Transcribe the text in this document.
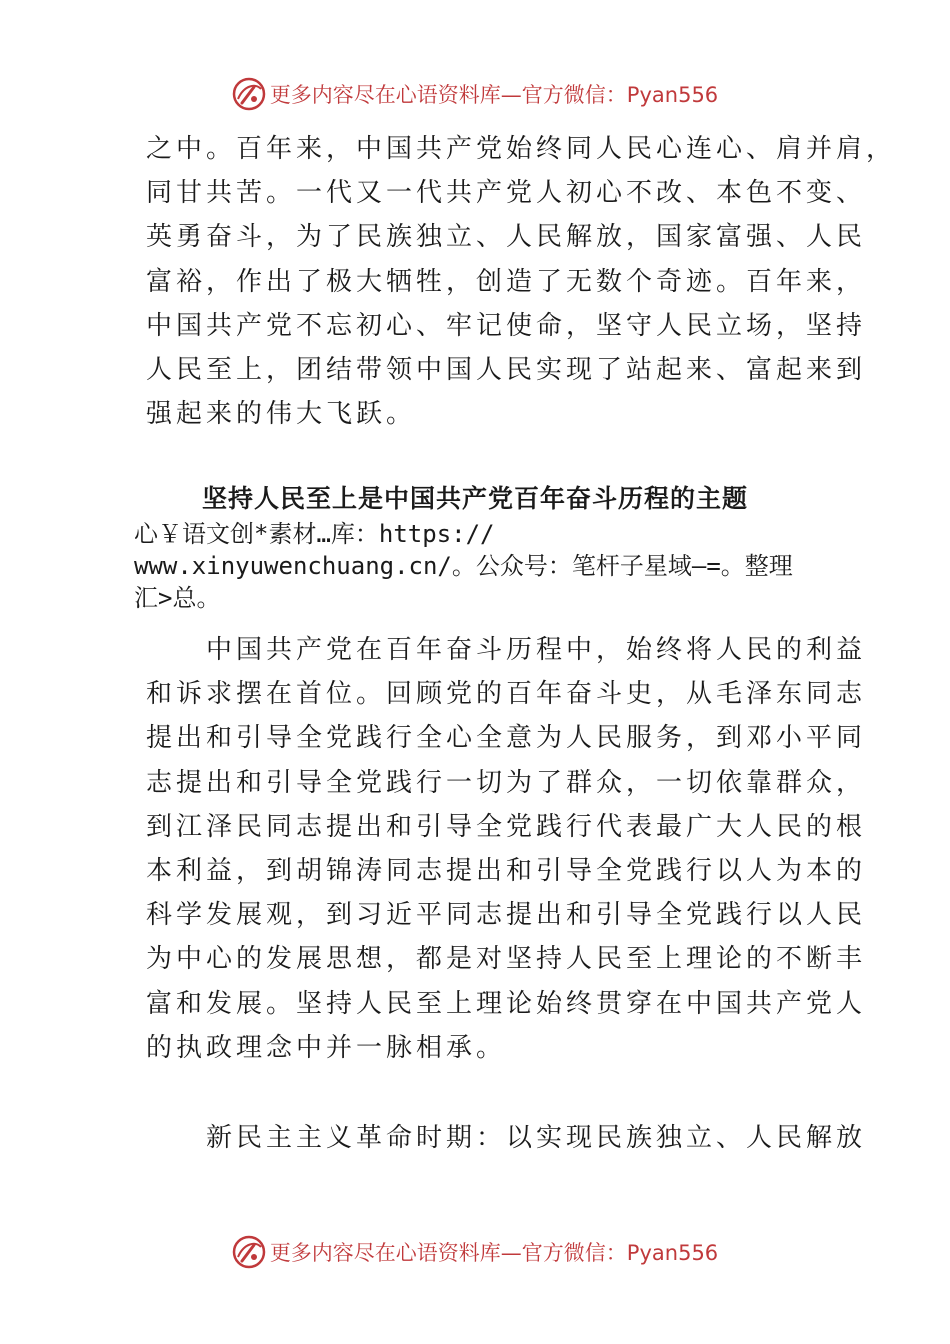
更多内容尽在心语资料库—官方微信：Pyan556
之中。百年来，中国共产党始终同人民心连心、肩并肩，
同甘共苦。一代又一代共产党人初心不改、本色不变、
英勇奋斗，为了民族独立、人民解放，国家富强、人民
富裕，作出了极大牺牲，创造了无数个奇迹。百年来，
中国共产党不忘初心、牢记使命，坚守人民立场，坚持
人民至上，团结带领中国人民实现了站起来、富起来到
强起来的伟大飞跃。
坚持人民至上是中国共产党百年奋斗历程的主题
心￥语文创*素材…库：https://
www.xinyuwenchuang.cn/。公众号：笔杆子星域—=。整理
汇>总。
　　中国共产党在百年奋斗历程中，始终将人民的利益
和诉求摆在首位。回顾党的百年奋斗史，从毛泽东同志
提出和引导全党践行全心全意为人民服务，到邓小平同
志提出和引导全党践行一切为了群众，一切依靠群众，
到江泽民同志提出和引导全党践行代表最广大人民的根
本利益，到胡锦涛同志提出和引导全党践行以人为本的
科学发展观，到习近平同志提出和引导全党践行以人民
为中心的发展思想，都是对坚持人民至上理论的不断丰
富和发展。坚持人民至上理论始终贯穿在中国共产党人
的执政理念中并一脉相承。
　　新民主主义革命时期：以实现民族独立、人民解放
更多内容尽在心语资料库—官方微信：Pyan556
